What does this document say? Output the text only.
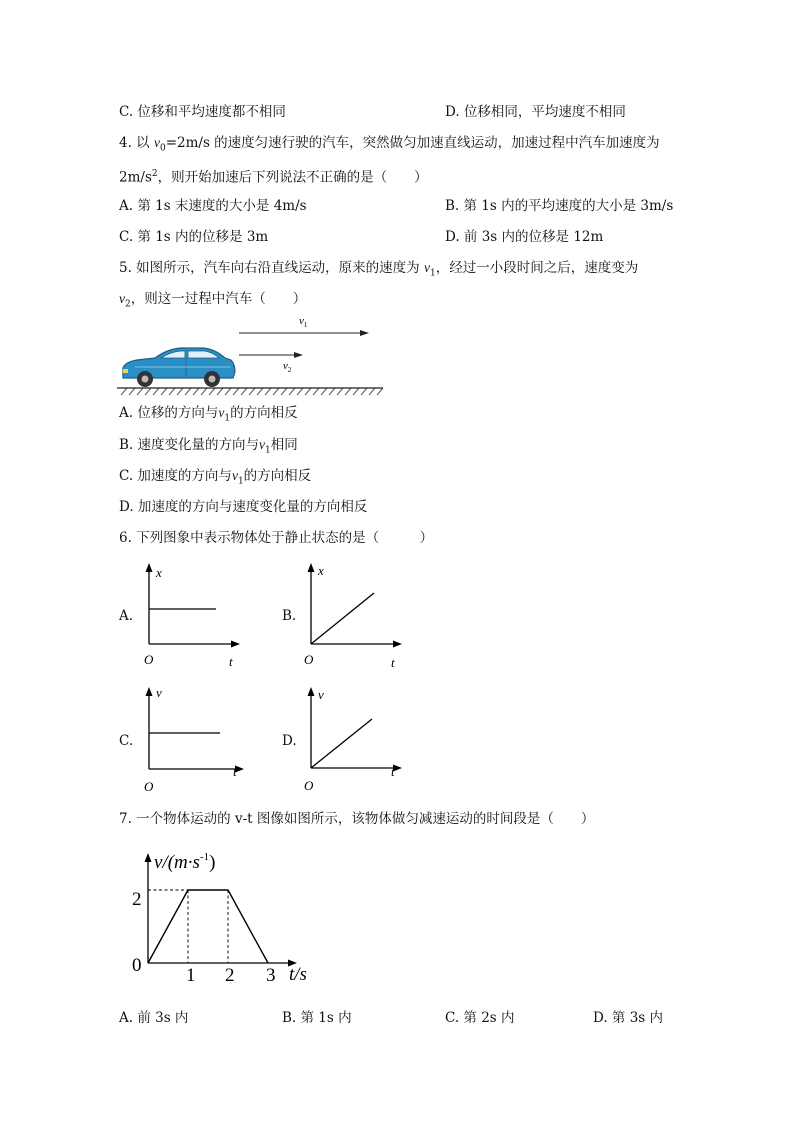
C. 位移和平均速度都不相同	D. 位移相同，平均速度不相同
4. 以 $v_0=2m/s$ 的速度匀速行驶的汽车，突然做匀加速直线运动，加速过程中汽车加速度为
$2m/s^2$，则开始加速后下列说法不正确的是（　　）
A. 第 1s 末速度的大小是 4m/s	B. 第 1s 内的平均速度的大小是 3m/s
C. 第 1s 内的位移是 3m	D. 前 3s 内的位移是 12m
5. 如图所示，汽车向右沿直线运动，原来的速度为 $v_1$，经过一小段时间之后，速度变为
$v_2$，则这一过程中汽车（　　）
$v_1$
$v_2$
A. 位移的方向与$v_1$的方向相反
B. 速度变化量的方向与$v_1$相同
C. 加速度的方向与$v_1$的方向相反
D. 加速度的方向与速度变化量的方向相反
6. 下列图象中表示物体处于静止状态的是（　　　）
A.
x
t
O
B.
x
t
O
C.
v
t
O
D.
v
t
O
7. 一个物体运动的 v-t 图像如图所示，该物体做匀减速运动的时间段是（　　）
$v/(m\cdot s^{-1})$
0
2
1 2 3 t/s
A. 前 3s 内	B. 第 1s 内	C. 第 2s 内	D. 第 3s 内
